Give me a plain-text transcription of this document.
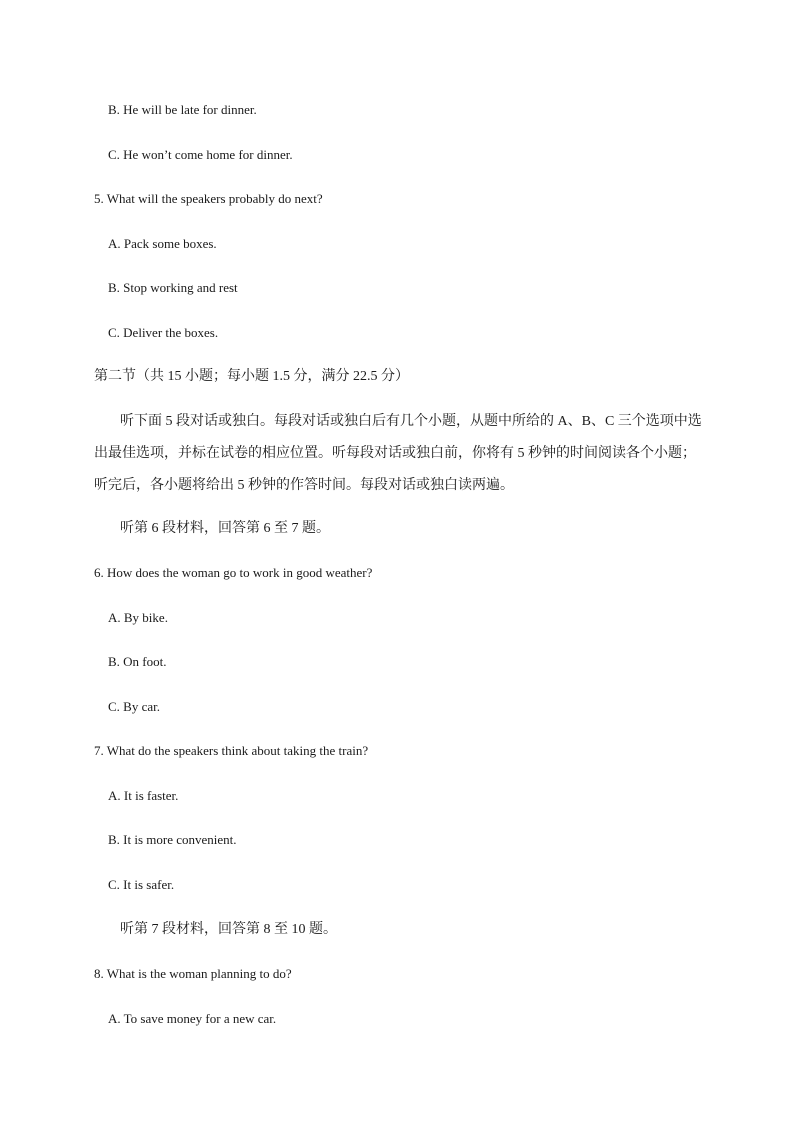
B. He will be late for dinner.
C. He won’t come home for dinner.
5. What will the speakers probably do next?
A. Pack some boxes.
B. Stop working and rest
C. Deliver the boxes.
第二节（共 15 小题；每小题 1.5 分，满分 22.5 分）
听下面 5 段对话或独白。每段对话或独白后有几个小题，从题中所给的 A、B、C 三个选项中选
出最佳选项，并标在试卷的相应位置。听每段对话或独白前，你将有 5 秒钟的时间阅读各个小题；
听完后，各小题将给出 5 秒钟的作答时间。每段对话或独白读两遍。
听第 6 段材料，回答第 6 至 7 题。
6. How does the woman go to work in good weather?
A. By bike.
B. On foot.
C. By car.
7. What do the speakers think about taking the train?
A. It is faster.
B. It is more convenient.
C. It is safer.
听第 7 段材料，回答第 8 至 10 题。
8. What is the woman planning to do?
A. To save money for a new car.
